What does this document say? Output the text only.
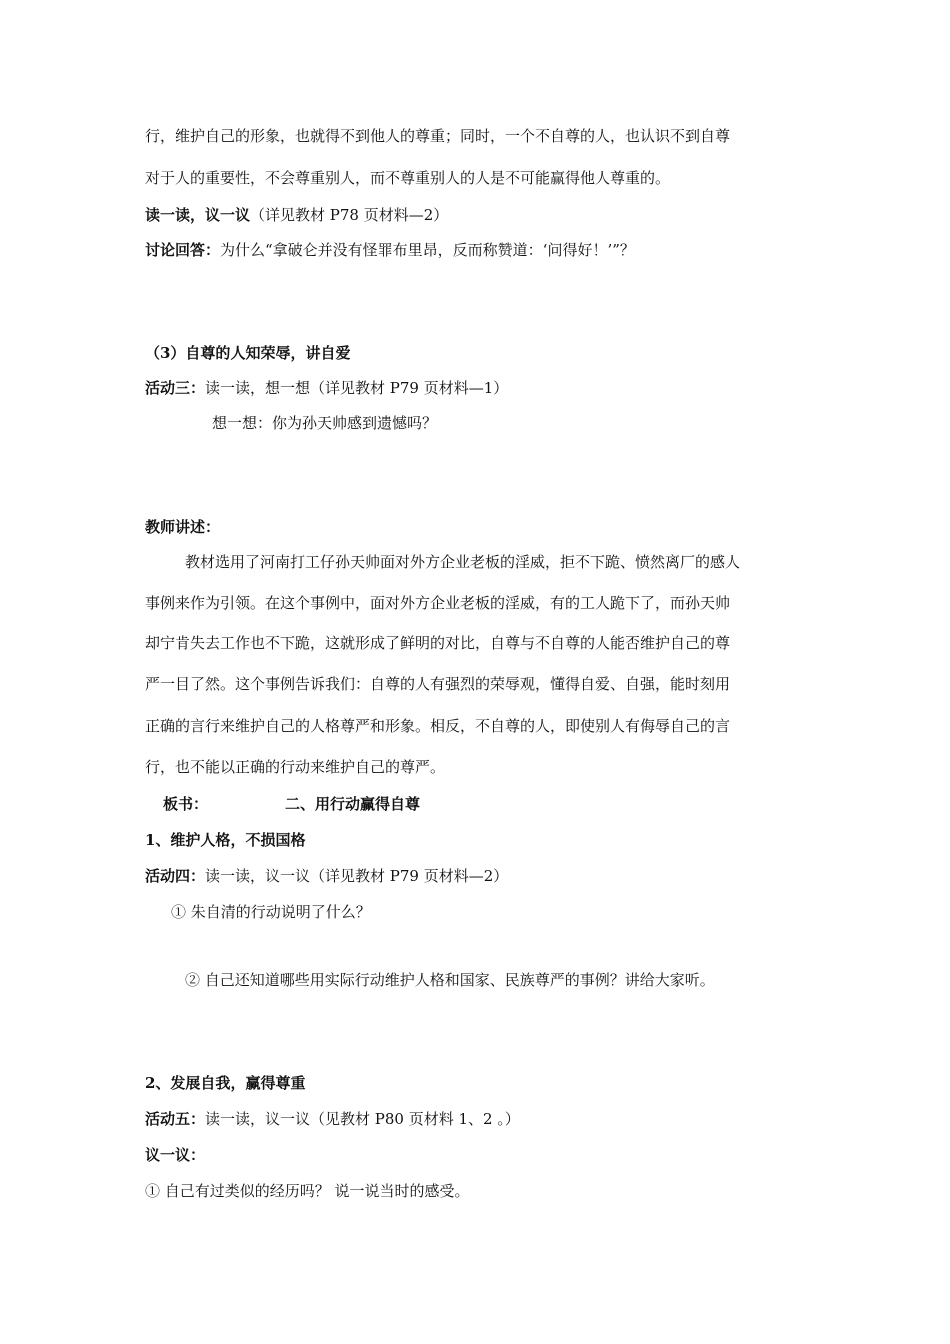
行，维护自己的形象，也就得不到他人的尊重；同时，一个不自尊的人，也认识不到自尊
对于人的重要性，不会尊重别人，而不尊重别人的人是不可能赢得他人尊重的。
读一读，议一议（详见教材 P78 页材料—2）
讨论回答：为什么“拿破仑并没有怪罪布里昂，反而称赞道：‘问得好！’”？
（3）自尊的人知荣辱，讲自爱
活动三：读一读，想一想（详见教材 P79 页材料—1）
想一想：你为孙天帅感到遗憾吗？
教师讲述：
教材选用了河南打工仔孙天帅面对外方企业老板的淫威，拒不下跪、愤然离厂的感人
事例来作为引领。在这个事例中，面对外方企业老板的淫威，有的工人跪下了，而孙天帅
却宁肯失去工作也不下跪，这就形成了鲜明的对比，自尊与不自尊的人能否维护自己的尊
严一目了然。这个事例告诉我们：自尊的人有强烈的荣辱观，懂得自爱、自强，能时刻用
正确的言行来维护自己的人格尊严和形象。相反，不自尊的人，即使别人有侮辱自己的言
行，也不能以正确的行动来维护自己的尊严。
板书：	二、用行动赢得自尊
1、维护人格，不损国格
活动四：读一读，议一议（详见教材 P79 页材料—2）
① 朱自清的行动说明了什么？
② 自己还知道哪些用实际行动维护人格和国家、民族尊严的事例？讲给大家听。
2、发展自我，赢得尊重
活动五：读一读，议一议（见教材 P80 页材料 1、2 。）
议一议：
① 自己有过类似的经历吗？ 说一说当时的感受。
